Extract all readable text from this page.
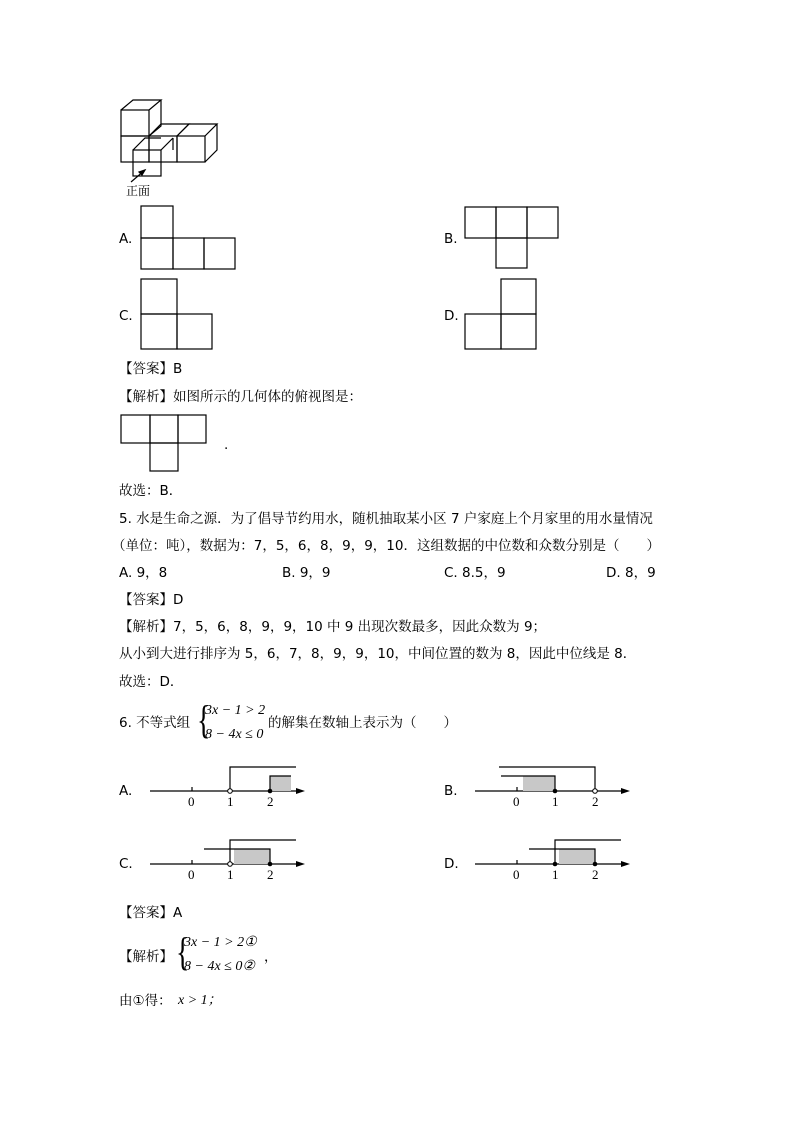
正面
A.	B.
C.	D.
【答案】B
【解析】如图所示的几何体的俯视图是：
.
故选：B．
5. 水是生命之源．为了倡导节约用水，随机抽取某小区 7 户家庭上个月家里的用水量情况
（单位：吨），数据为：7，5，6，8，9，9，10．这组数据的中位数和众数分别是（　　）
A. 9，8	B. 9，9	C. 8.5，9	D. 8，9
【答案】D
【解析】7，5，6，8，9，9，10 中 9 出现次数最多，因此众数为 9；
从小到大进行排序为 5，6，7，8，9，9，10，中间位置的数为 8，因此中位线是 8．
故选：D．
6. 不等式组 {
3x − 1 > 2
8 − 4x ≤ 0
的解集在数轴上表示为（　　）
A.
0	1	2
B.
0	1	2
C.
0	1	2
D.
0	1	2
【答案】A
【解析】 {
3x − 1 > 2①
8 − 4x ≤ 0②
，
由①得： x > 1；
